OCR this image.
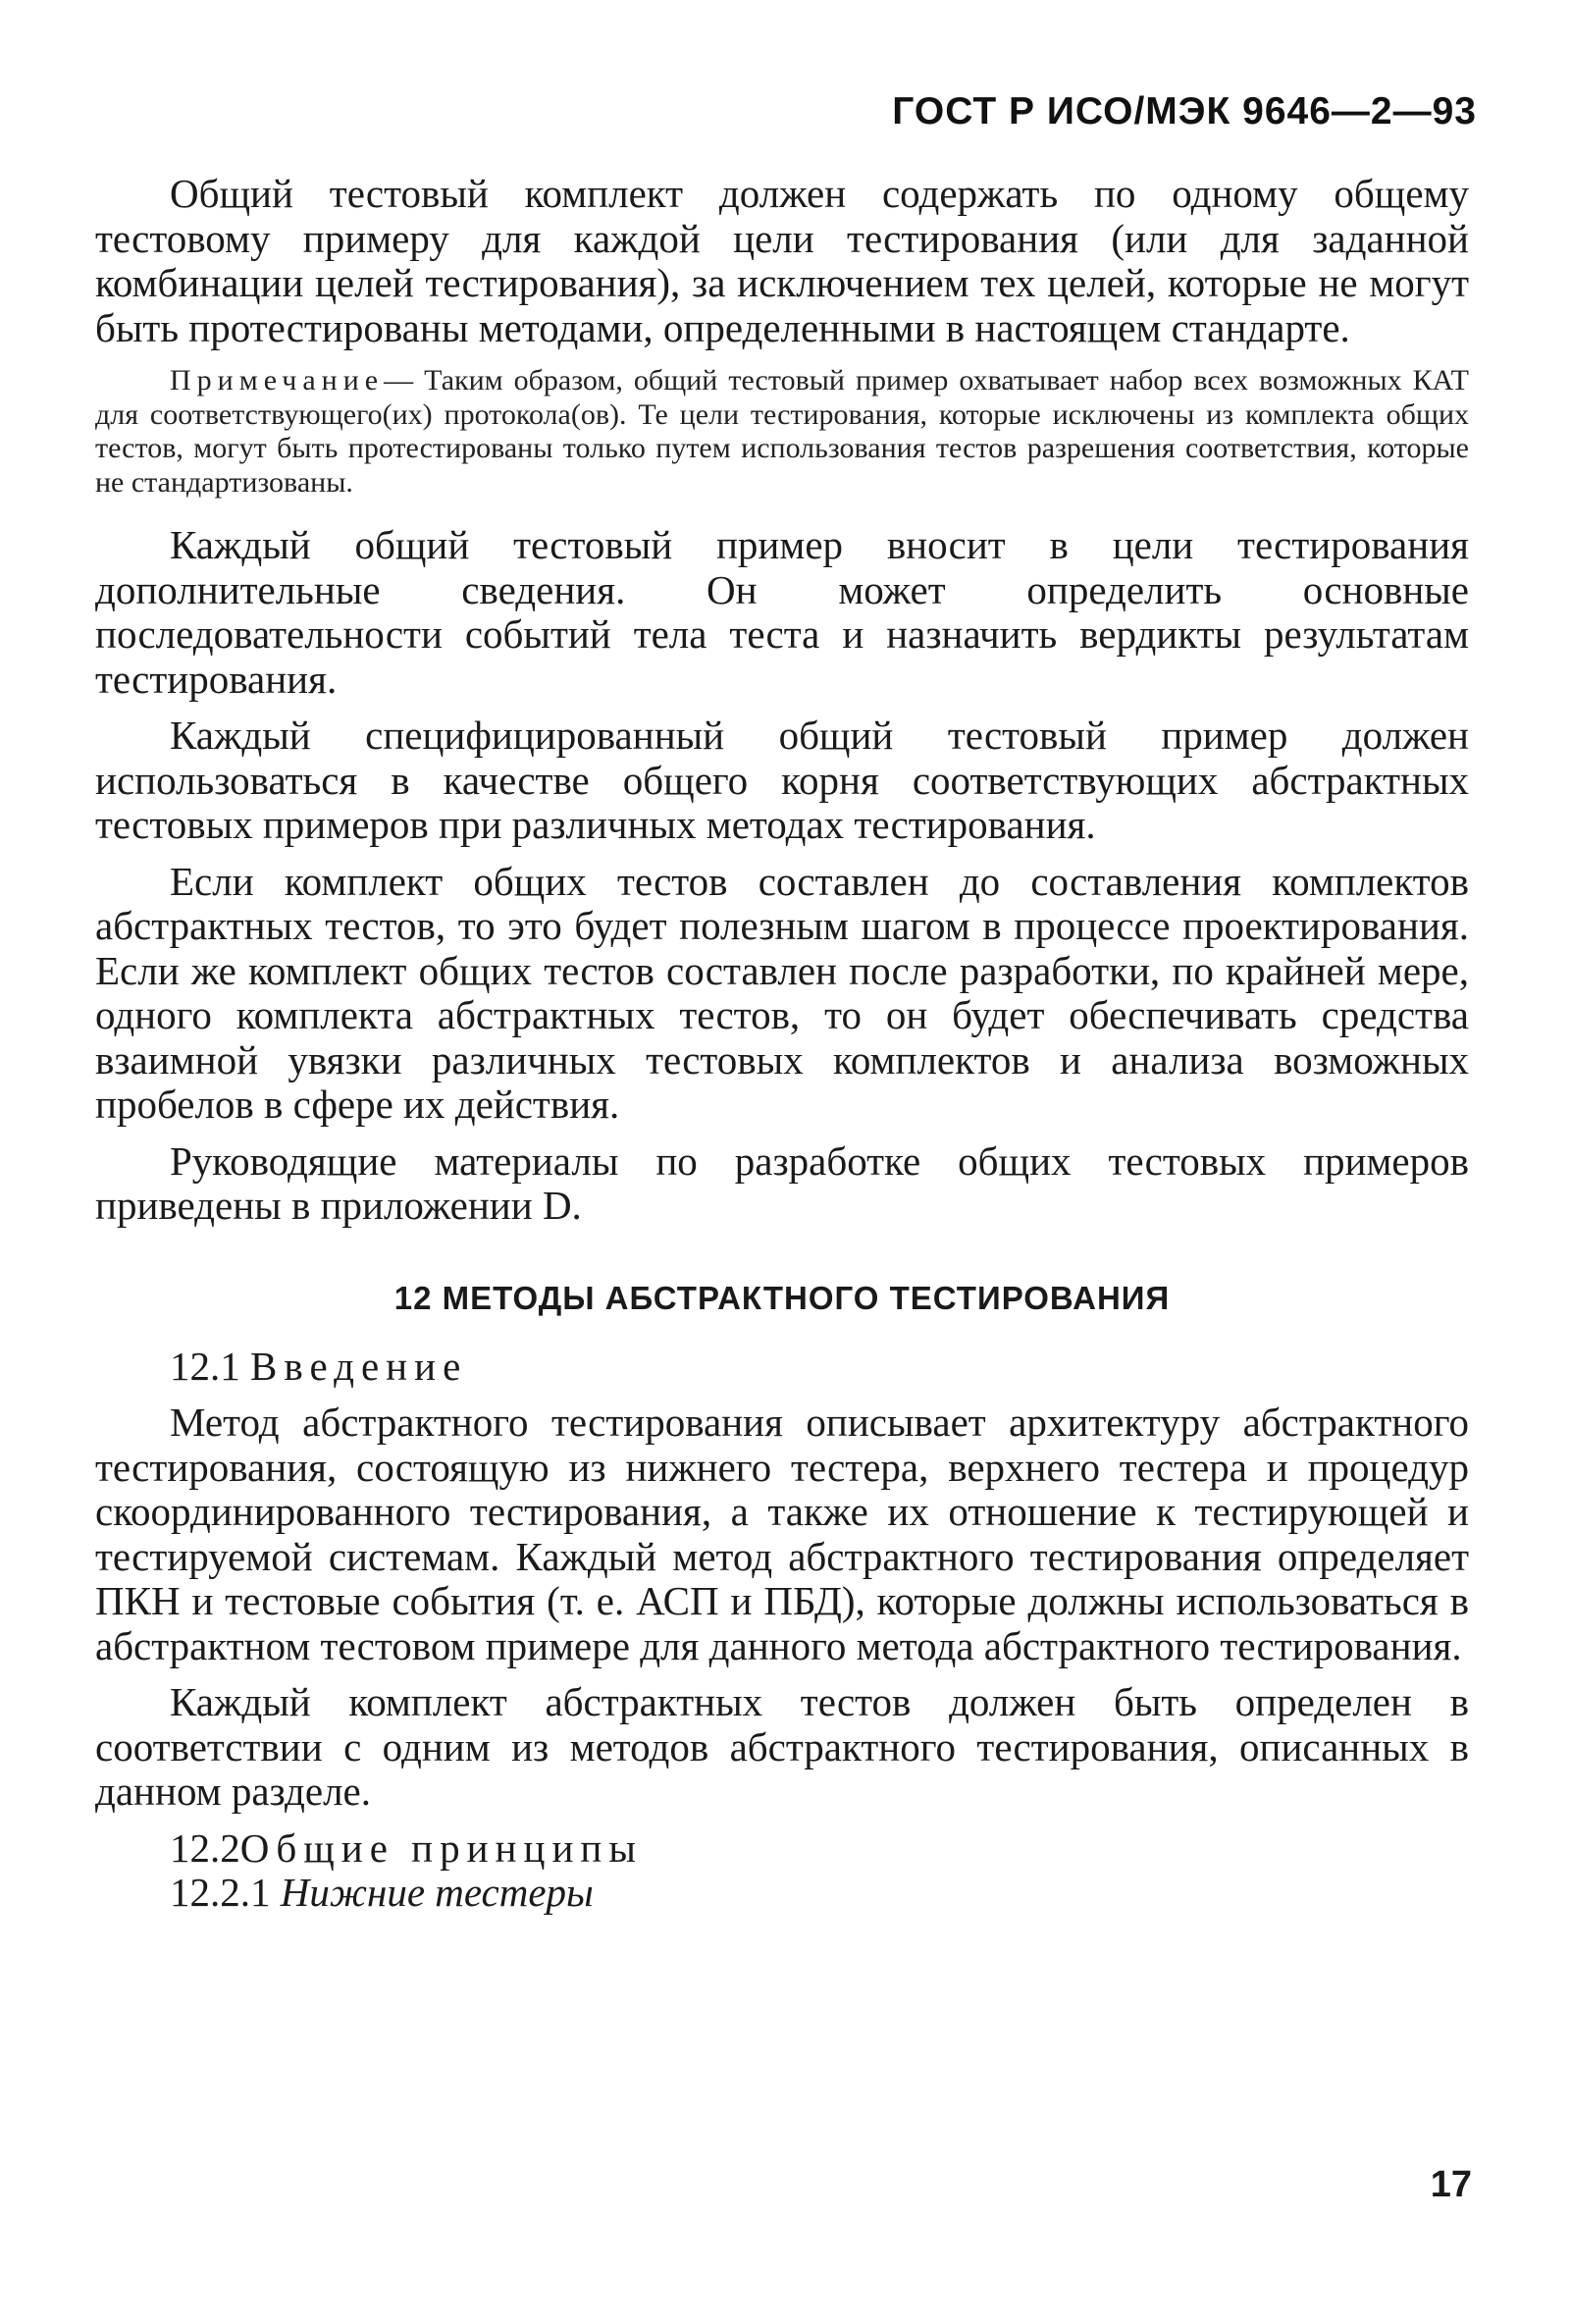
ГОСТ Р ИСО/МЭК 9646—2—93

Общий тестовый комплект должен содержать по одному общему тестовому примеру для каждой цели тестирования (или для заданной комбинации целей тестирования), за исключением тех целей, которые не могут быть протестированы методами, определенными в настоящем стандарте.

Примечание— Таким образом, общий тестовый пример охватывает набор всех возможных КАТ для соответствующего(их) протокола(ов). Те цели тестирования, которые исключены из комплекта общих тестов, могут быть протестированы только путем использования тестов разрешения соответствия, которые не стандартизованы.

Каждый общий тестовый пример вносит в цели тестирования дополнительные сведения. Он может определить основные последовательности событий тела теста и назначить вердикты результатам тестирования.

Каждый специфицированный общий тестовый пример должен использоваться в качестве общего корня соответствующих абстрактных тестовых примеров при различных методах тестирования.

Если комплект общих тестов составлен до составления комплектов абстрактных тестов, то это будет полезным шагом в процессе проектирования. Если же комплект общих тестов составлен после разработки, по крайней мере, одного комплекта абстрактных тестов, то он будет обеспечивать средства взаимной увязки различных тестовых комплектов и анализа возможных пробелов в сфере их действия.

Руководящие материалы по разработке общих тестовых примеров приведены в приложении D.

12 МЕТОДЫ АБСТРАКТНОГО ТЕСТИРОВАНИЯ
12.1 Введение

Метод абстрактного тестирования описывает архитектуру абстрактного тестирования, состоящую из нижнего тестера, верхнего тестера и процедур скоординированного тестирования, а также их отношение к тестирующей и тестируемой системам. Каждый метод абстрактного тестирования определяет ПКН и тестовые события (т. е. АСП и ПБД), которые должны использоваться в абстрактном тестовом примере для данного метода абстрактного тестирования.

Каждый комплект абстрактных тестов должен быть определен в соответствии с одним из методов абстрактного тестирования, описанных в данном разделе.

12.2Общие принципы
12.2.1 Нижние тестеры
17
